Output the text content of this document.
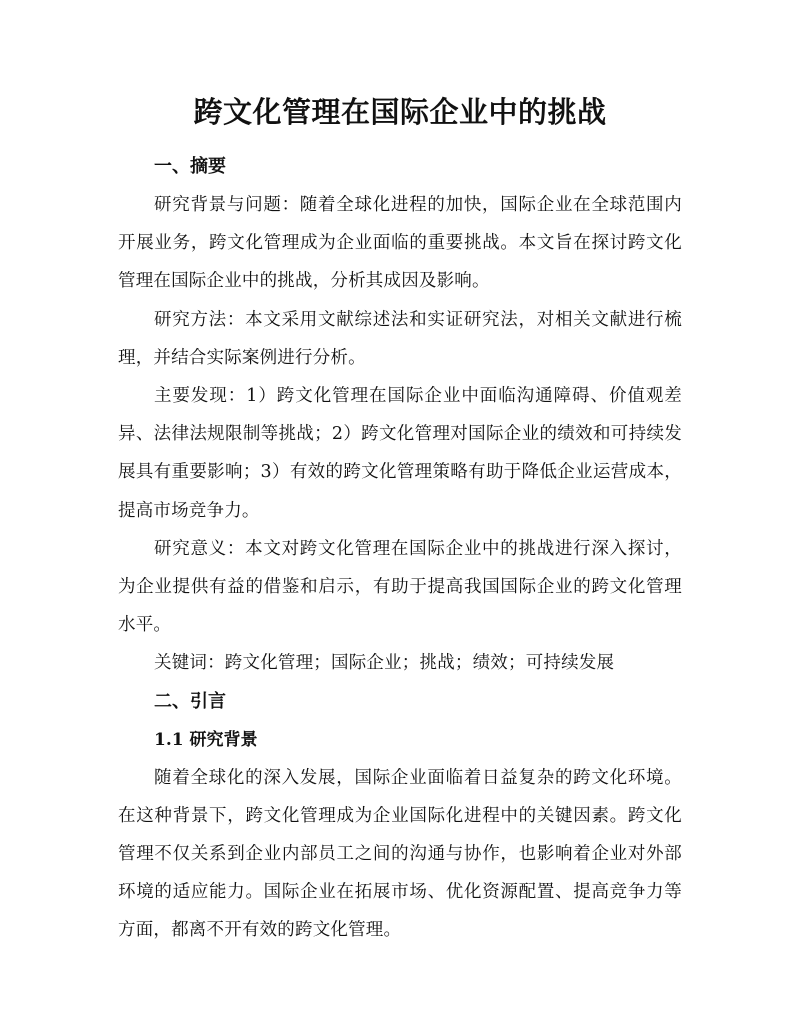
跨文化管理在国际企业中的挑战
一、摘要

研究背景与问题：随着全球化进程的加快，国际企业在全球范围内开展业务，跨文化管理成为企业面临的重要挑战。本文旨在探讨跨文化管理在国际企业中的挑战，分析其成因及影响。

研究方法：本文采用文献综述法和实证研究法，对相关文献进行梳理，并结合实际案例进行分析。

主要发现：1）跨文化管理在国际企业中面临沟通障碍、价值观差异、法律法规限制等挑战；2）跨文化管理对国际企业的绩效和可持续发展具有重要影响；3）有效的跨文化管理策略有助于降低企业运营成本，提高市场竞争力。

研究意义：本文对跨文化管理在国际企业中的挑战进行深入探讨，为企业提供有益的借鉴和启示，有助于提高我国国际企业的跨文化管理水平。

关键词：跨文化管理；国际企业；挑战；绩效；可持续发展

二、引言
1.1 研究背景

随着全球化的深入发展，国际企业面临着日益复杂的跨文化环境。在这种背景下，跨文化管理成为企业国际化进程中的关键因素。跨文化管理不仅关系到企业内部员工之间的沟通与协作，也影响着企业对外部环境的适应能力。国际企业在拓展市场、优化资源配置、提高竞争力等方面，都离不开有效的跨文化管理。
